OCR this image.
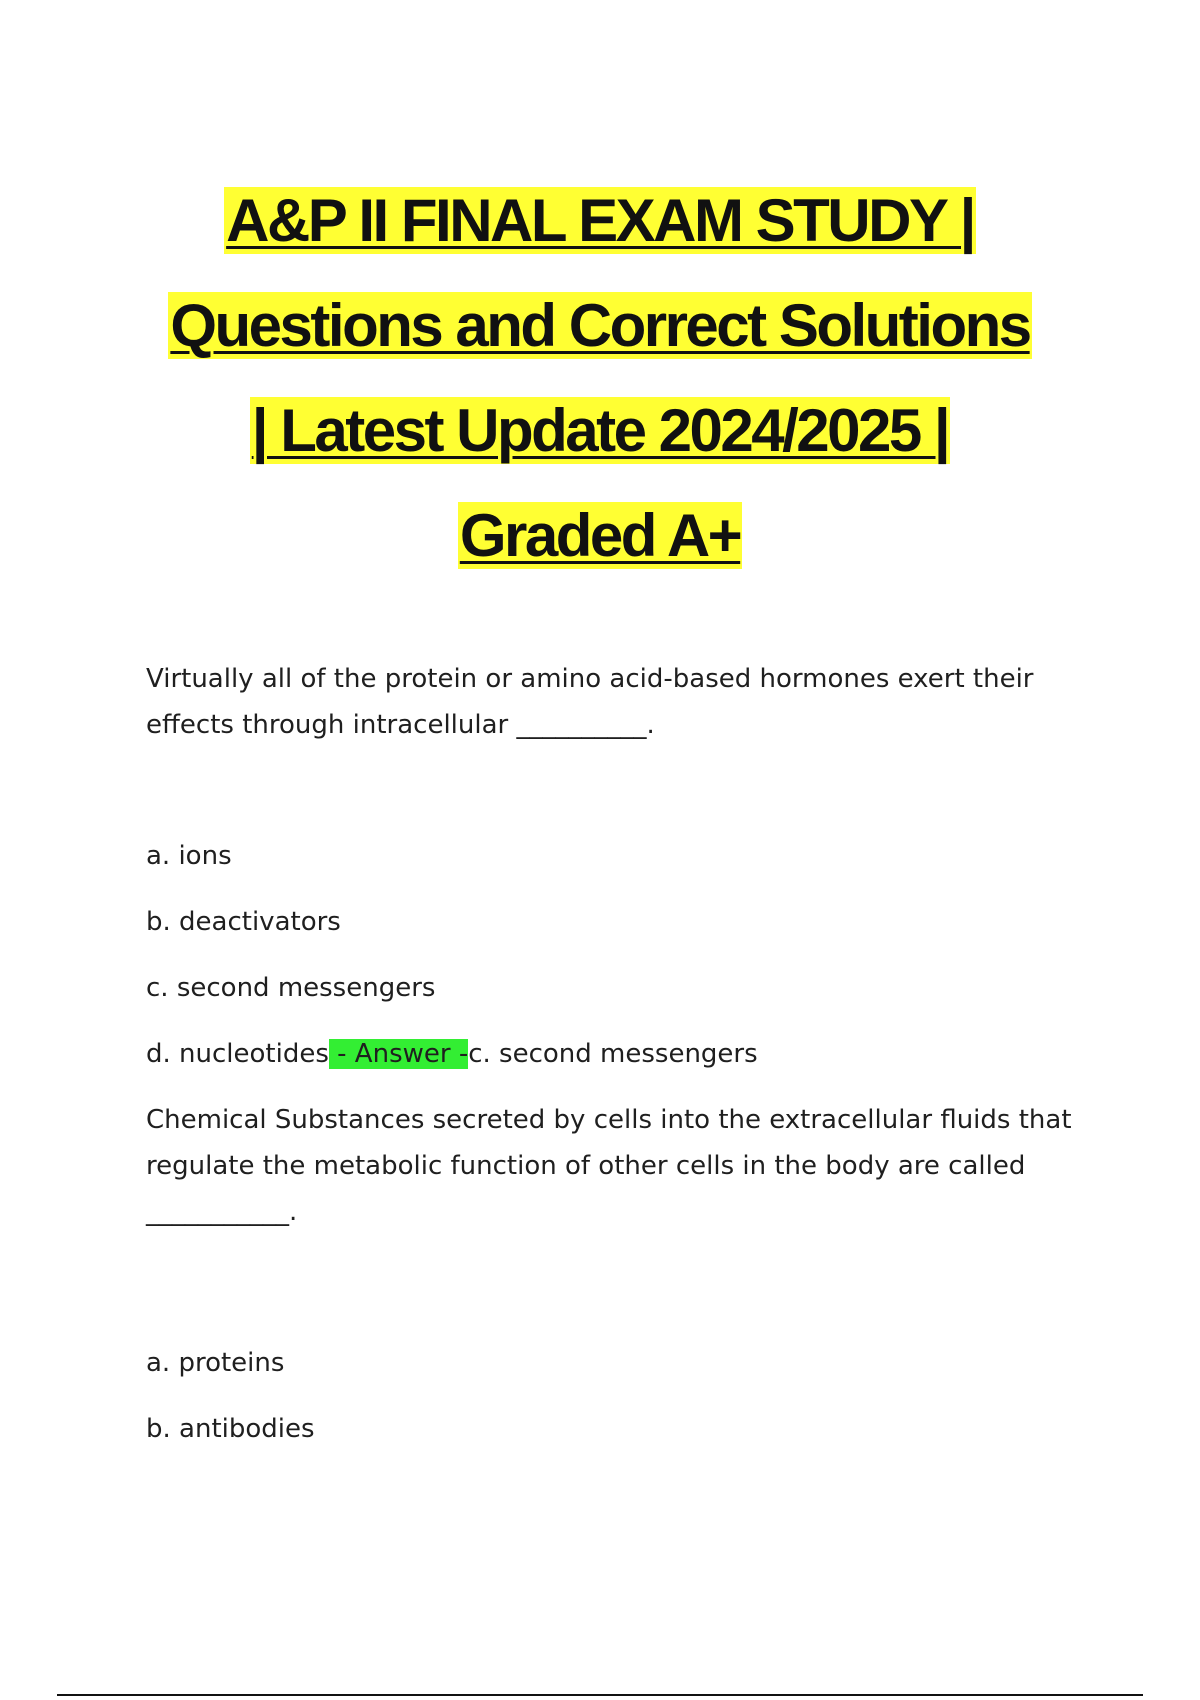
A&P II FINAL EXAM STUDY |
Questions and Correct Solutions
| Latest Update 2024/2025 |
Graded A+
Virtually all of the protein or amino acid-based hormones exert their
effects through intracellular __________.
a. ions
b. deactivators
c. second messengers
d. nucleotides - Answer -c. second messengers
Chemical Substances secreted by cells into the extracellular fluids that
regulate the metabolic function of other cells in the body are called
___________.
a. proteins
b. antibodies
